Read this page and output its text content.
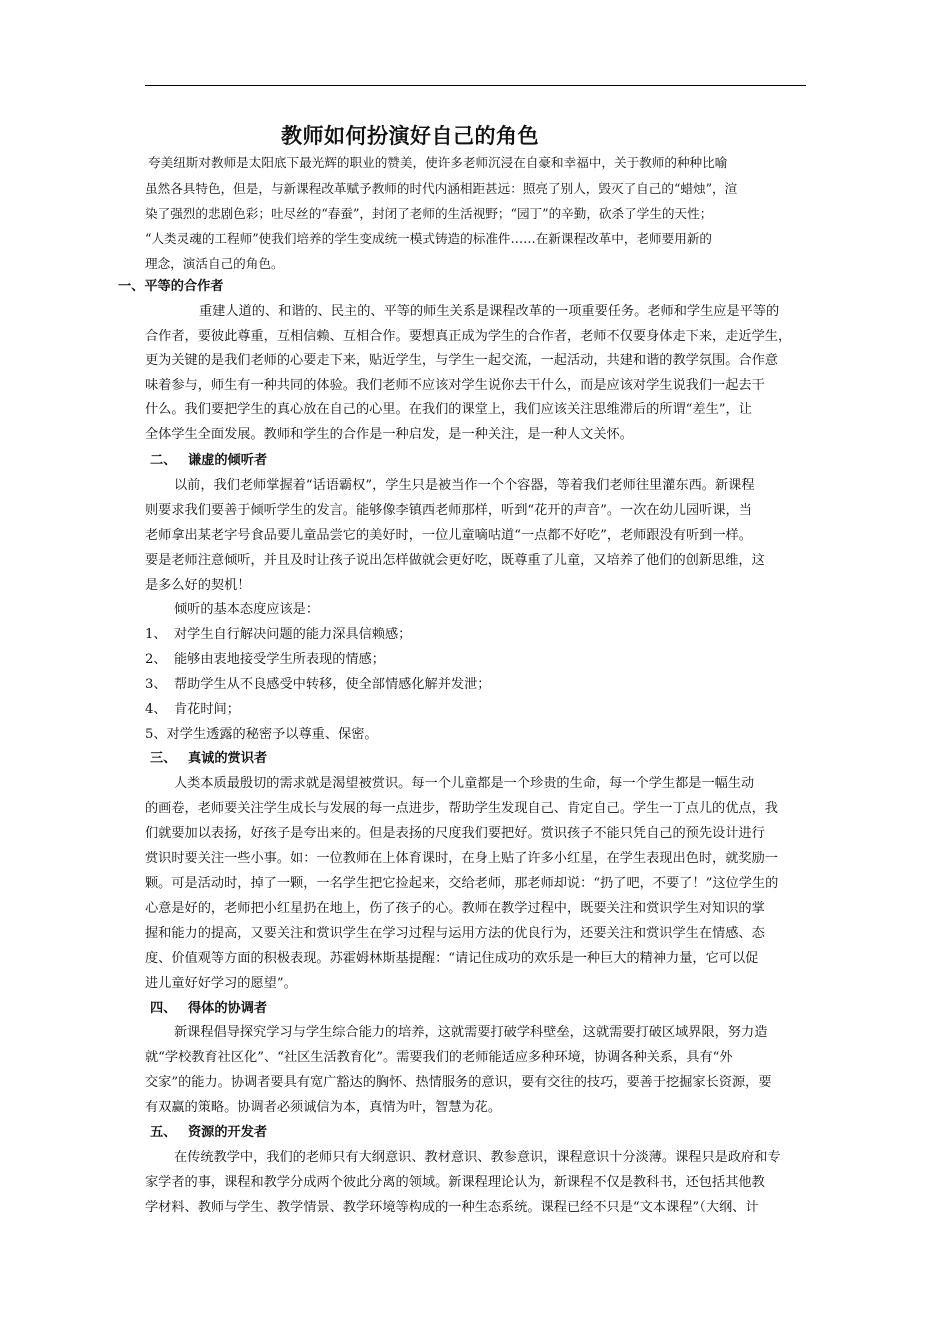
教师如何扮演好自己的角色
夸美纽斯对教师是太阳底下最光辉的职业的赞美，使许多老师沉浸在自豪和幸福中，关于教师的种种比喻
虽然各具特色，但是，与新课程改革赋予教师的时代内涵相距甚远：照亮了别人，毁灭了自己的“蜡烛”，渲
染了强烈的悲剧色彩；吐尽丝的“春蚕”，封闭了老师的生活视野；“园丁”的辛勤，砍杀了学生的天性；
“人类灵魂的工程师”使我们培养的学生变成统一模式铸造的标准件……在新课程改革中，老师要用新的
理念，演活自己的角色。
一、平等的合作者
重建人道的、和谐的、民主的、平等的师生关系是课程改革的一项重要任务。老师和学生应是平等的
合作者，要彼此尊重，互相信赖、互相合作。要想真正成为学生的合作者，老师不仅要身体走下来，走近学生，
更为关键的是我们老师的心要走下来，贴近学生，与学生一起交流，一起活动，共建和谐的教学氛围。合作意
味着参与，师生有一种共同的体验。我们老师不应该对学生说你去干什么，而是应该对学生说我们一起去干
什么。我们要把学生的真心放在自己的心里。在我们的课堂上，我们应该关注思维滞后的所谓“差生”，让
全体学生全面发展。教师和学生的合作是一种启发，是一种关注，是一种人文关怀。
二、 谦虚的倾听者
以前，我们老师掌握着“话语霸权”，学生只是被当作一个个容器，等着我们老师往里灌东西。新课程
则要求我们要善于倾听学生的发言。能够像李镇西老师那样，听到“花开的声音”。一次在幼儿园听课，当
老师拿出某老字号食品要儿童品尝它的美好时，一位儿童嘀咕道“一点都不好吃”，老师跟没有听到一样。
要是老师注意倾听，并且及时让孩子说出怎样做就会更好吃，既尊重了儿童，又培养了他们的创新思维，这
是多么好的契机！
倾听的基本态度应该是：
1、 对学生自行解决问题的能力深具信赖感；
2、 能够由衷地接受学生所表现的情感；
3、 帮助学生从不良感受中转移，使全部情感化解并发泄；
4、 肯花时间；
5、对学生透露的秘密予以尊重、保密。
三、 真诚的赏识者
人类本质最殷切的需求就是渴望被赏识。每一个儿童都是一个珍贵的生命，每一个学生都是一幅生动
的画卷，老师要关注学生成长与发展的每一点进步，帮助学生发现自己、肯定自己。学生一丁点儿的优点，我
们就要加以表扬，好孩子是夸出来的。但是表扬的尺度我们要把好。赏识孩子不能只凭自己的预先设计进行
赏识时要关注一些小事。如：一位教师在上体育课时，在身上贴了许多小红星，在学生表现出色时，就奖励一
颗。可是活动时，掉了一颗，一名学生把它捡起来，交给老师，那老师却说：“扔了吧，不要了！”这位学生的
心意是好的，老师把小红星扔在地上，伤了孩子的心。教师在教学过程中，既要关注和赏识学生对知识的掌
握和能力的提高，又要关注和赏识学生在学习过程与运用方法的优良行为，还要关注和赏识学生在情感、态
度、价值观等方面的积极表现。苏霍姆林斯基提醒：“请记住成功的欢乐是一种巨大的精神力量，它可以促
进儿童好好学习的愿望”。
四、 得体的协调者
新课程倡导探究学习与学生综合能力的培养，这就需要打破学科壁垒，这就需要打破区域界限，努力造
就“学校教育社区化”、“社区生活教育化”。需要我们的老师能适应多种环境，协调各种关系，具有“外
交家”的能力。协调者要具有宽广豁达的胸怀、热情服务的意识，要有交往的技巧，要善于挖掘家长资源，要
有双赢的策略。协调者必须诚信为本，真情为叶，智慧为花。
五、 资源的开发者
在传统教学中，我们的老师只有大纲意识、教材意识、教参意识，课程意识十分淡薄。课程只是政府和专
家学者的事，课程和教学分成两个彼此分离的领域。新课程理论认为，新课程不仅是教科书，还包括其他教
学材料、教师与学生、教学情景、教学环境等构成的一种生态系统。课程已经不只是“文本课程”（大纲、计
